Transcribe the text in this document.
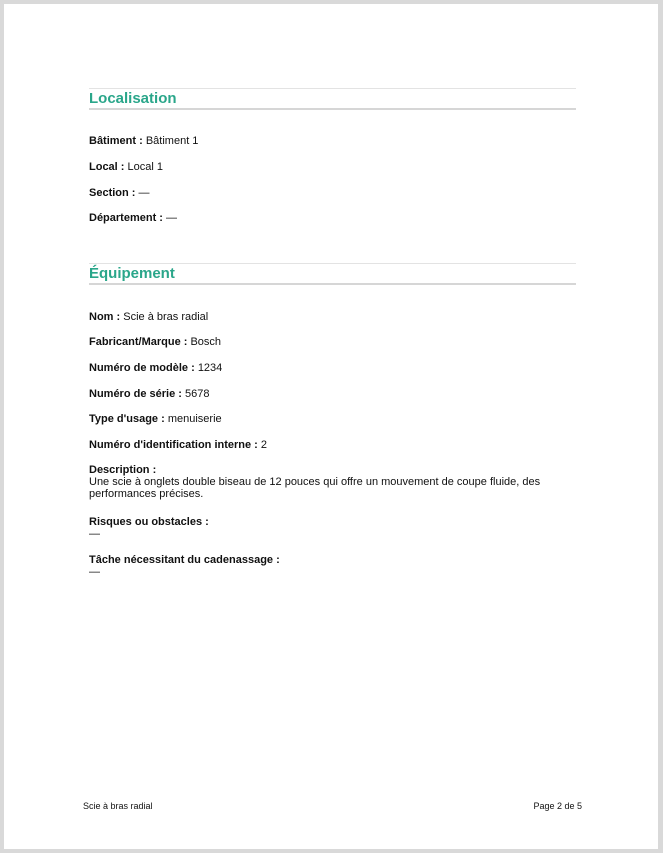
Localisation
Bâtiment : Bâtiment 1
Local : Local 1
Section : —
Département : —
Équipement
Nom : Scie à bras radial
Fabricant/Marque : Bosch
Numéro de modèle : 1234
Numéro de série : 5678
Type d'usage : menuiserie
Numéro d'identification interne : 2
Description :
Une scie à onglets double biseau de 12 pouces qui offre un mouvement de coupe fluide, des performances précises.
Risques ou obstacles :
—
Tâche nécessitant du cadenassage :
—
Scie à bras radial	Page 2 de 5
